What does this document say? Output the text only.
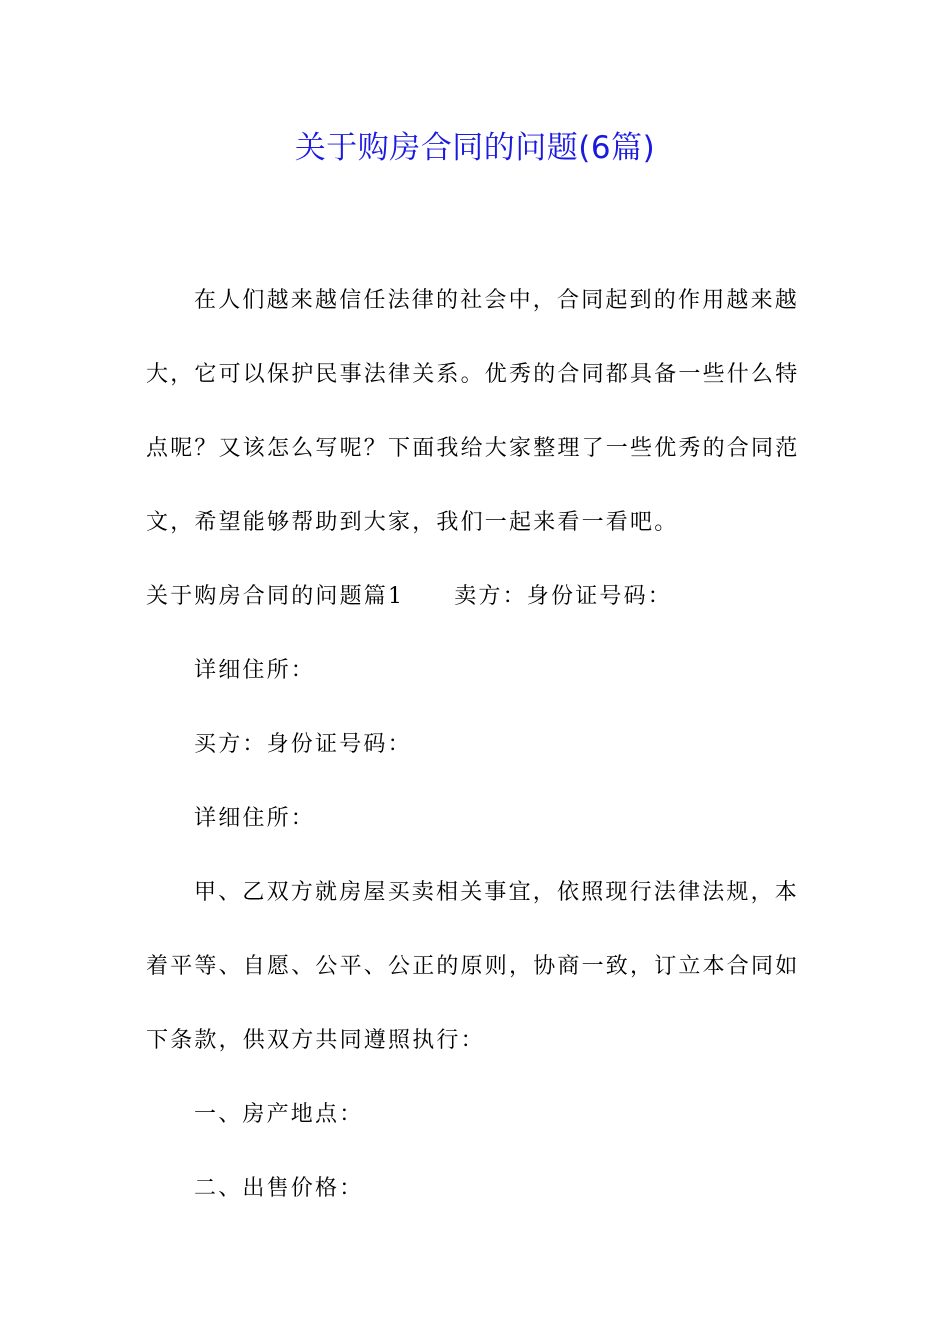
关于购房合同的问题(6篇)

在人们越来越信任法律的社会中，合同起到的作用越来越大，它可以保护民事法律关系。优秀的合同都具备一些什么特点呢？又该怎么写呢？下面我给大家整理了一些优秀的合同范文，希望能够帮助到大家，我们一起来看一看吧。

关于购房合同的问题篇1 卖方：身份证号码：

详细住所：

买方：身份证号码：

详细住所：

甲、乙双方就房屋买卖相关事宜，依照现行法律法规，本着平等、自愿、公平、公正的原则，协商一致，订立本合同如下条款，供双方共同遵照执行：

一、房产地点：

二、出售价格：
